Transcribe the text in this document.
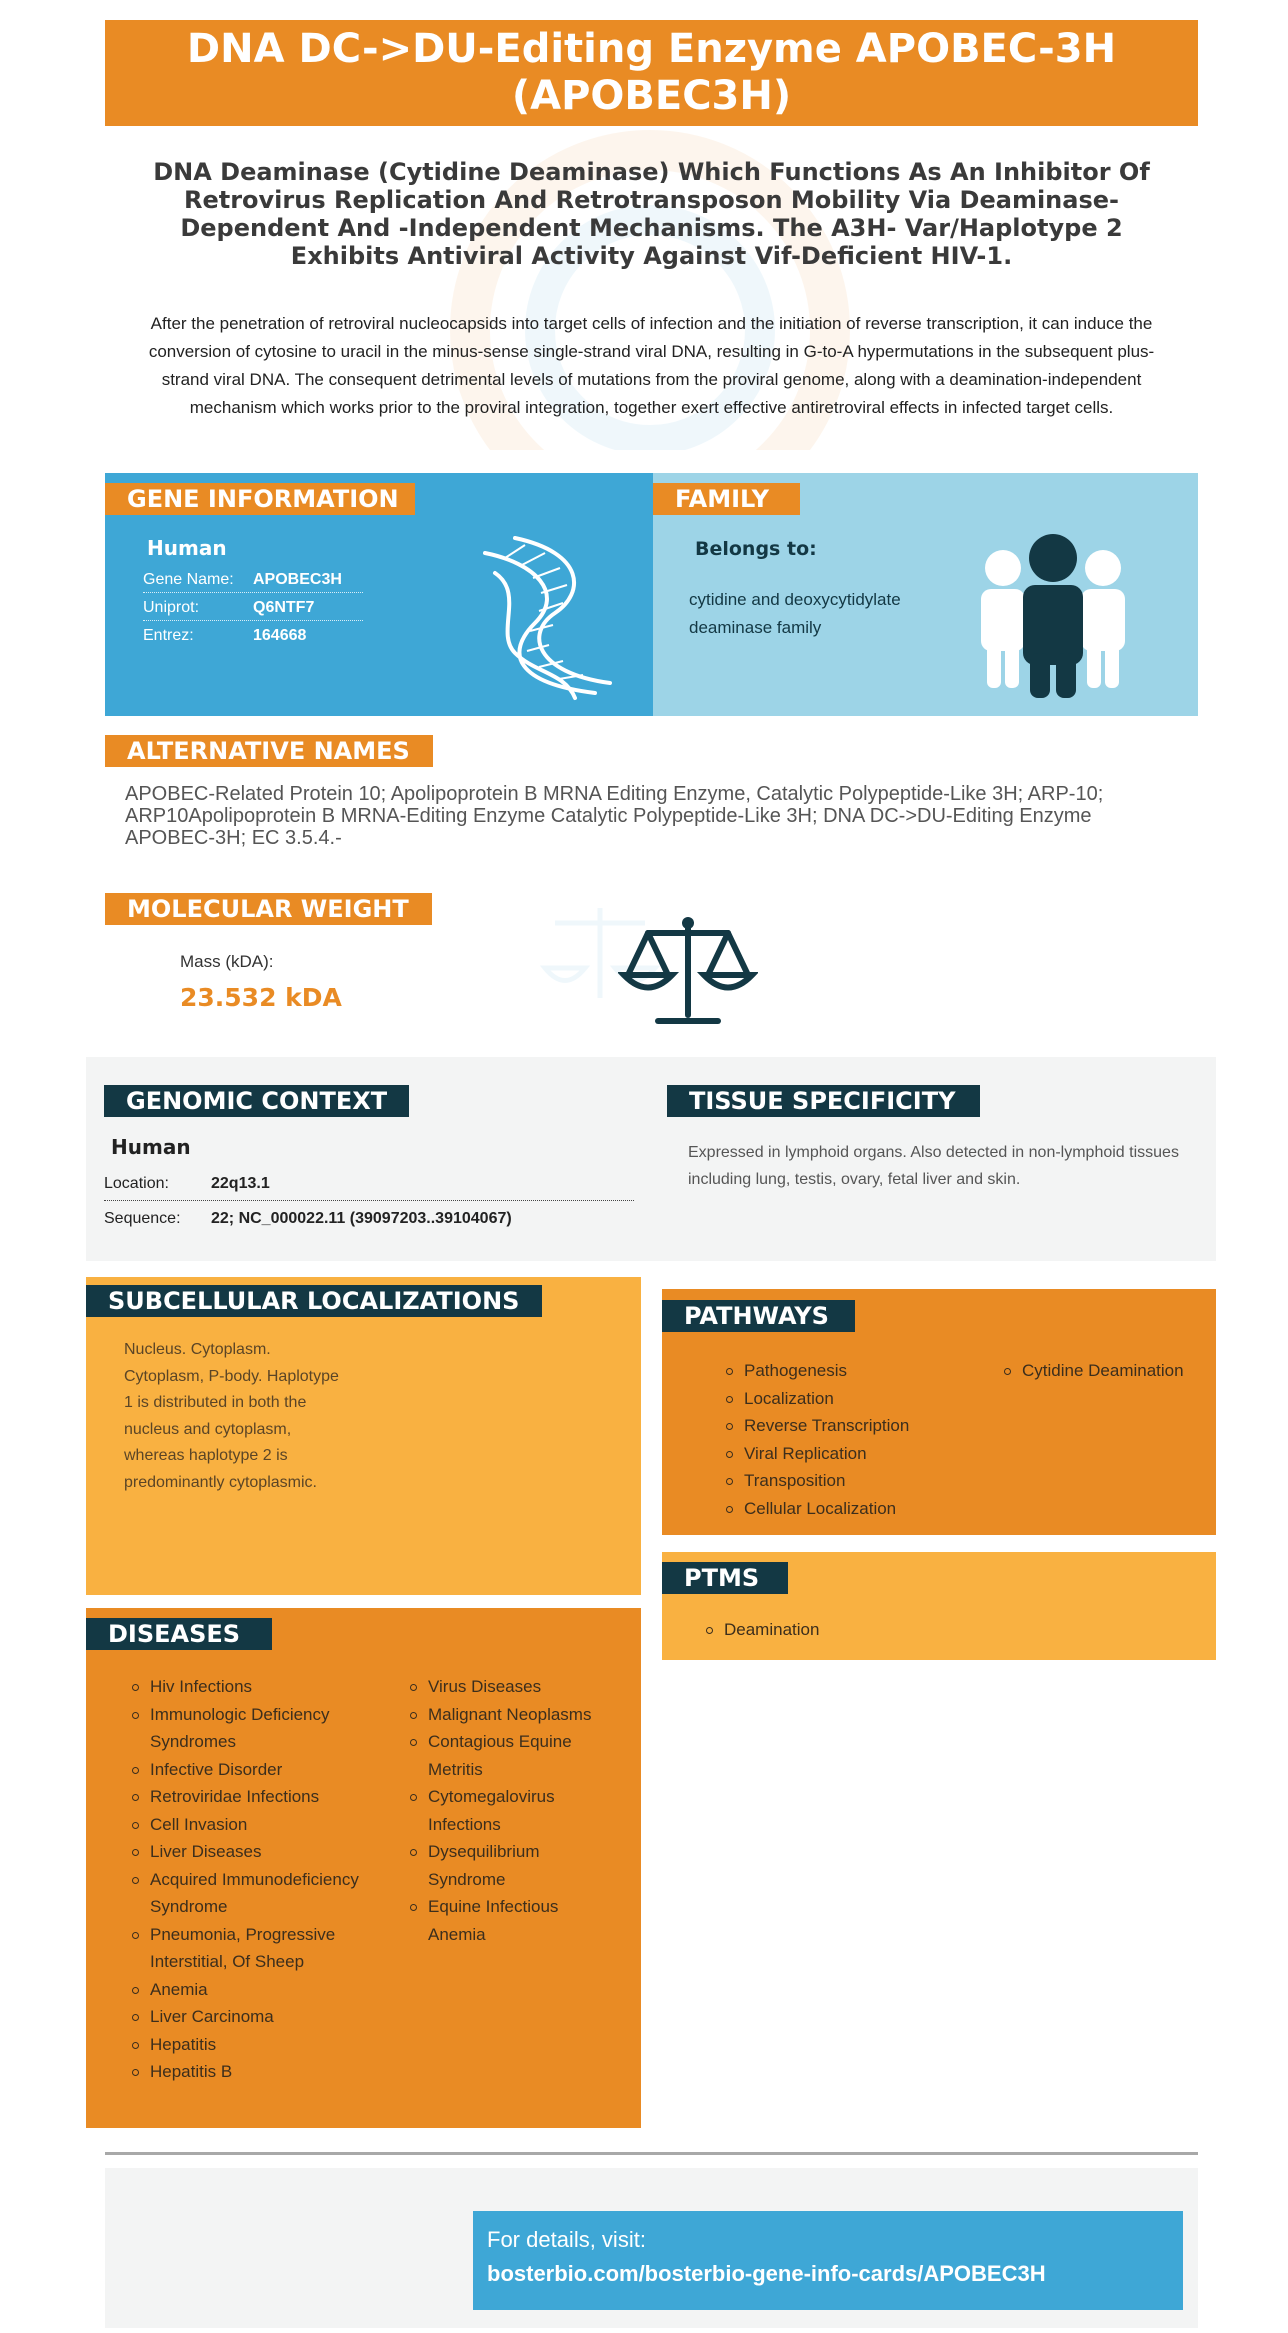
DNA DC->DU-Editing Enzyme APOBEC-3H (APOBEC3H)
DNA Deaminase (Cytidine Deaminase) Which Functions As An Inhibitor Of Retrovirus Replication And Retrotransposon Mobility Via Deaminase-Dependent And -Independent Mechanisms. The A3H- Var/Haplotype 2 Exhibits Antiviral Activity Against Vif-Deficient HIV-1.
After the penetration of retroviral nucleocapsids into target cells of infection and the initiation of reverse transcription, it can induce the conversion of cytosine to uracil in the minus-sense single-strand viral DNA, resulting in G-to-A hypermutations in the subsequent plus-strand viral DNA. The consequent detrimental levels of mutations from the proviral genome, along with a deamination-independent mechanism which works prior to the proviral integration, together exert effective antiretroviral effects in infected target cells.
GENE INFORMATION
Human
Gene Name: APOBEC3H
Uniprot:	Q6NTF7
Entrez:	164668
FAMILY
Belongs to:
cytidine and deoxycytidylate deaminase family
ALTERNATIVE NAMES
APOBEC-Related Protein 10; Apolipoprotein B MRNA Editing Enzyme, Catalytic Polypeptide-Like 3H; ARP-10; ARP10Apolipoprotein B MRNA-Editing Enzyme Catalytic Polypeptide-Like 3H; DNA DC->DU-Editing Enzyme APOBEC-3H; EC 3.5.4.-
MOLECULAR WEIGHT
Mass (kDA):
23.532 kDA
GENOMIC CONTEXT
Human
Location:	22q13.1
Sequence: 22; NC_000022.11 (39097203..39104067)
TISSUE SPECIFICITY
Expressed in lymphoid organs. Also detected in non-lymphoid tissues including lung, testis, ovary, fetal liver and skin.
SUBCELLULAR LOCALIZATIONS
Nucleus. Cytoplasm. Cytoplasm, P-body. Haplotype 1 is distributed in both the nucleus and cytoplasm, whereas haplotype 2 is predominantly cytoplasmic.
PATHWAYS
Pathogenesis
Localization
Reverse Transcription
Viral Replication
Transposition
Cellular Localization
Cytidine Deamination
PTMS
Deamination
DISEASES
Hiv Infections
Immunologic Deficiency Syndromes
Infective Disorder
Retroviridae Infections
Cell Invasion
Liver Diseases
Acquired Immunodeficiency Syndrome
Pneumonia, Progressive Interstitial, Of Sheep
Anemia
Liver Carcinoma
Hepatitis
Hepatitis B
Virus Diseases
Malignant Neoplasms
Contagious Equine Metritis
Cytomegalovirus Infections
Dysequilibrium Syndrome
Equine Infectious Anemia
For details, visit:
bosterbio.com/bosterbio-gene-info-cards/APOBEC3H
